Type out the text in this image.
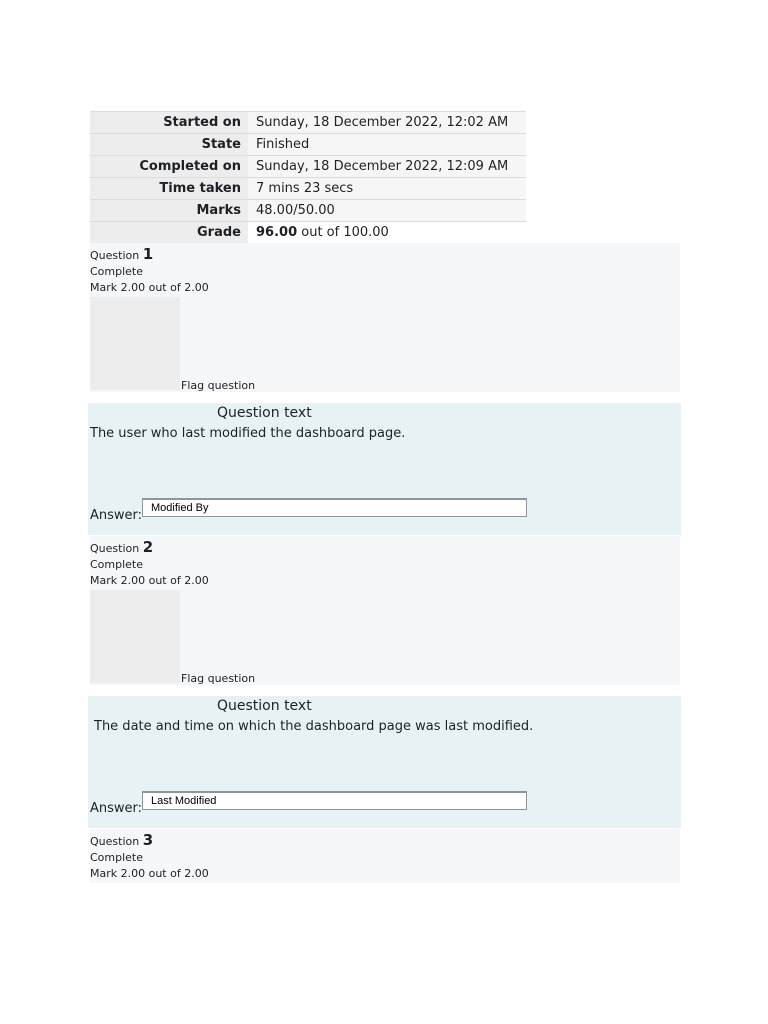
Started on	Sunday, 18 December 2022, 12:02 AM
State	Finished
Completed on	Sunday, 18 December 2022, 12:09 AM
Time taken	7 mins 23 secs
Marks	48.00/50.00
Grade	96.00 out of 100.00
Question 1
Complete
Mark 2.00 out of 2.00
Flag question
Question text
The user who last modified the dashboard page.
Answer:
Modified By
Question 2
Complete
Mark 2.00 out of 2.00
Flag question
Question text
The date and time on which the dashboard page was last modified.
Answer:
Last Modified
Question 3
Complete
Mark 2.00 out of 2.00
